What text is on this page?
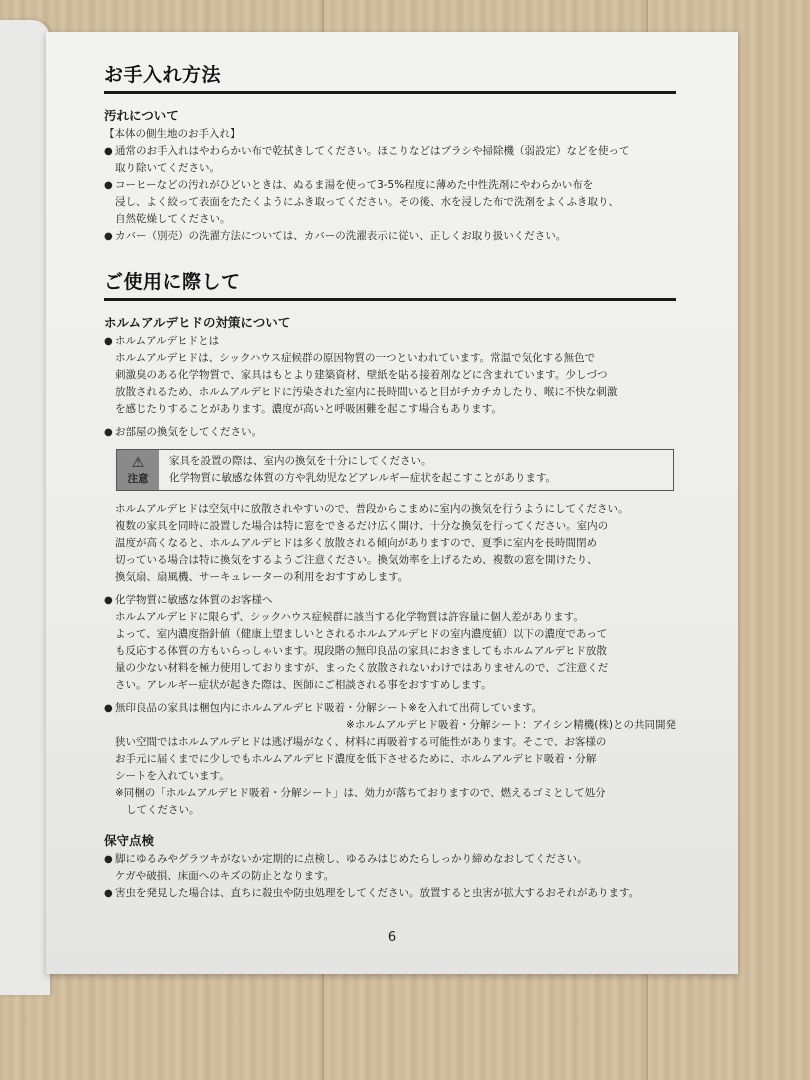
お手入れ方法
汚れについて
【本体の側生地のお手入れ】

● 通常のお手入れはやわらかい布で乾拭きしてください。ほこりなどはブラシや掃除機（弱設定）などを使って
取り除いてください。

● コーヒーなどの汚れがひどいときは、ぬるま湯を使って3-5%程度に薄めた中性洗剤にやわらかい布を
浸し、よく絞って表面をたたくようにふき取ってください。その後、水を浸した布で洗剤をよくふき取り、
自然乾燥してください。

● カバー（別売）の洗濯方法については、カバーの洗濯表示に従い、正しくお取り扱いください。

ご使用に際して
ホルムアルデヒドの対策について

● ホルムアルデヒドとは

ホルムアルデヒドは、シックハウス症候群の原因物質の一つといわれています。常温で気化する無色で
刺激臭のある化学物質で、家具はもとより建築資材、壁紙を貼る接着剤などに含まれています。少しづつ
放散されるため、ホルムアルデヒドに汚染された室内に長時間いると目がチカチカしたり、喉に不快な刺激
を感じたりすることがあります。濃度が高いと呼吸困難を起こす場合もあります。

● お部屋の換気をしてください。

⚠
注意
家具を設置の際は、室内の換気を十分にしてください。
化学物質に敏感な体質の方や乳幼児などアレルギー症状を起こすことがあります。
ホルムアルデヒドは空気中に放散されやすいので、普段からこまめに室内の換気を行うようにしてください。
複数の家具を同時に設置した場合は特に窓をできるだけ広く開け、十分な換気を行ってください。室内の
温度が高くなると、ホルムアルデヒドは多く放散される傾向がありますので、夏季に室内を長時間閉め
切っている場合は特に換気をするようご注意ください。換気効率を上げるため、複数の窓を開けたり、
換気扇、扇風機、サーキュレーターの利用をおすすめします。

● 化学物質に敏感な体質のお客様へ

ホルムアルデヒドに限らず、シックハウス症候群に該当する化学物質は許容量に個人差があります。
よって、室内濃度指針値（健康上望ましいとされるホルムアルデヒドの室内濃度値）以下の濃度であって
も反応する体質の方もいらっしゃいます。現段階の無印良品の家具におきましてもホルムアルデヒド放散
量の少ない材料を極力使用しておりますが、まったく放散されないわけではありませんので、ご注意くだ
さい。アレルギー症状が起きた際は、医師にご相談される事をおすすめします。

● 無印良品の家具は梱包内にホルムアルデヒド吸着・分解シート※を入れて出荷しています。

※ホルムアルデヒド吸着・分解シート：アイシン精機(株)との共同開発

狭い空間ではホルムアルデヒドは逃げ場がなく、材料に再吸着する可能性があります。そこで、お客様の
お手元に届くまでに少しでもホルムアルデヒド濃度を低下させるために、ホルムアルデヒド吸着・分解
シートを入れています。
※同梱の「ホルムアルデヒド吸着・分解シート」は、効力が落ちておりますので、燃えるゴミとして処分
してください。
保守点検

● 脚にゆるみやグラツキがないか定期的に点検し、ゆるみはじめたらしっかり締めなおしてください。
ケガや破損、床面へのキズの防止となります。

● 害虫を発見した場合は、直ちに殺虫や防虫処理をしてください。放置すると虫害が拡大するおそれがあります。

6
